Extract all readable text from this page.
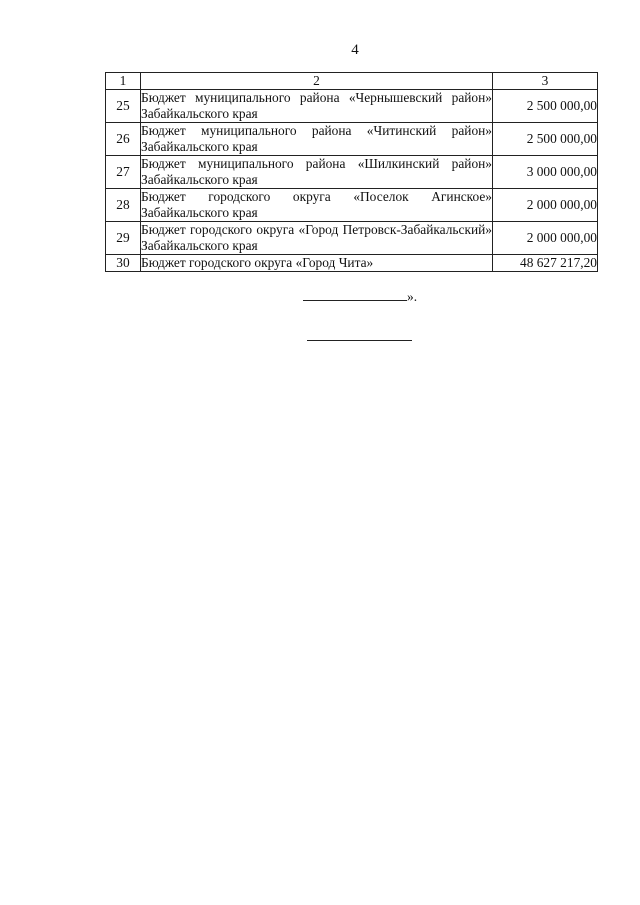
4
1	2	3
25	Бюджет муниципального района «Чернышевский район» Забайкальского края	2 500 000,00
26	Бюджет муниципального района «Читинский район» Забайкальского края	2 500 000,00
27	Бюджет муниципального района «Шилкинский район» Забайкальского края	3 000 000,00
28	Бюджет городского округа «Поселок Агинское» Забайкальского края	2 000 000,00
29	Бюджет городского округа «Город Петровск-Забайкальский» Забайкальского края	2 000 000,00
30	Бюджет городского округа «Город Чита»	48 627 217,20
».
